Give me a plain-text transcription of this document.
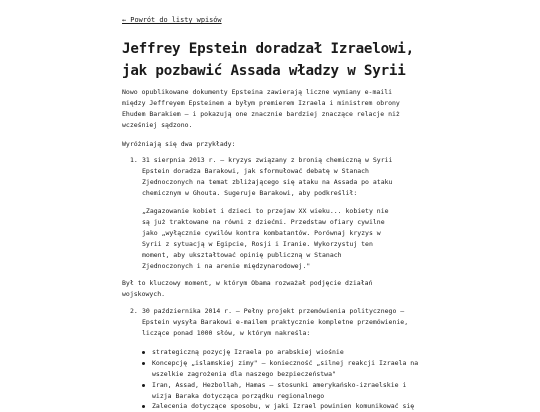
← Powrót do listy wpisów
Jeffrey Epstein doradzał Izraelowi,
jak pozbawić Assada władzy w Syrii
Nowo opublikowane dokumenty Epsteina zawierają liczne wymiany e-maili
między Jeffreyem Epsteinem a byłym premierem Izraela i ministrem obrony
Ehudem Barakiem – i pokazują one znacznie bardziej znaczące relacje niż
wcześniej sądzono.
Wyróżniają się dwa przykłady:
1. 31 sierpnia 2013 r. – kryzys związany z bronią chemiczną w Syrii
Epstein doradza Barakowi, jak sformułować debatę w Stanach
Zjednoczonych na temat zbliżającego się ataku na Assada po ataku
chemicznym w Ghouta. Sugeruje Barakowi, aby podkreślił:
„Zagazowanie kobiet i dzieci to przejaw XX wieku... kobiety nie
są już traktowane na równi z dziećmi. Przedstaw ofiary cywilne
jako „wyłącznie cywilów kontra kombatantów. Porównaj kryzys w
Syrii z sytuacją w Egipcie, Rosji i Iranie. Wykorzystuj ten
moment, aby ukształtować opinię publiczną w Stanach
Zjednoczonych i na arenie międzynarodowej."
Był to kluczowy moment, w którym Obama rozważał podjęcie działań
wojskowych.
2. 30 października 2014 r. — Pełny projekt przemówienia politycznego –
Epstein wysyła Barakowi e-mailem praktycznie kompletne przemówienie,
liczące ponad 1000 słów, w którym nakreśla:
strategiczną pozycję Izraela po arabskiej wiośnie
Koncepcję „islamskiej zimy" – konieczność „silnej reakcji Izraela na
wszelkie zagrożenia dla naszego bezpieczeństwa"
Iran, Assad, Hezbollah, Hamas – stosunki amerykańsko-izraelskie i
wizja Baraka dotycząca porządku regionalnego
Zalecenia dotyczące sposobu, w jaki Izrael powinien komunikować się
